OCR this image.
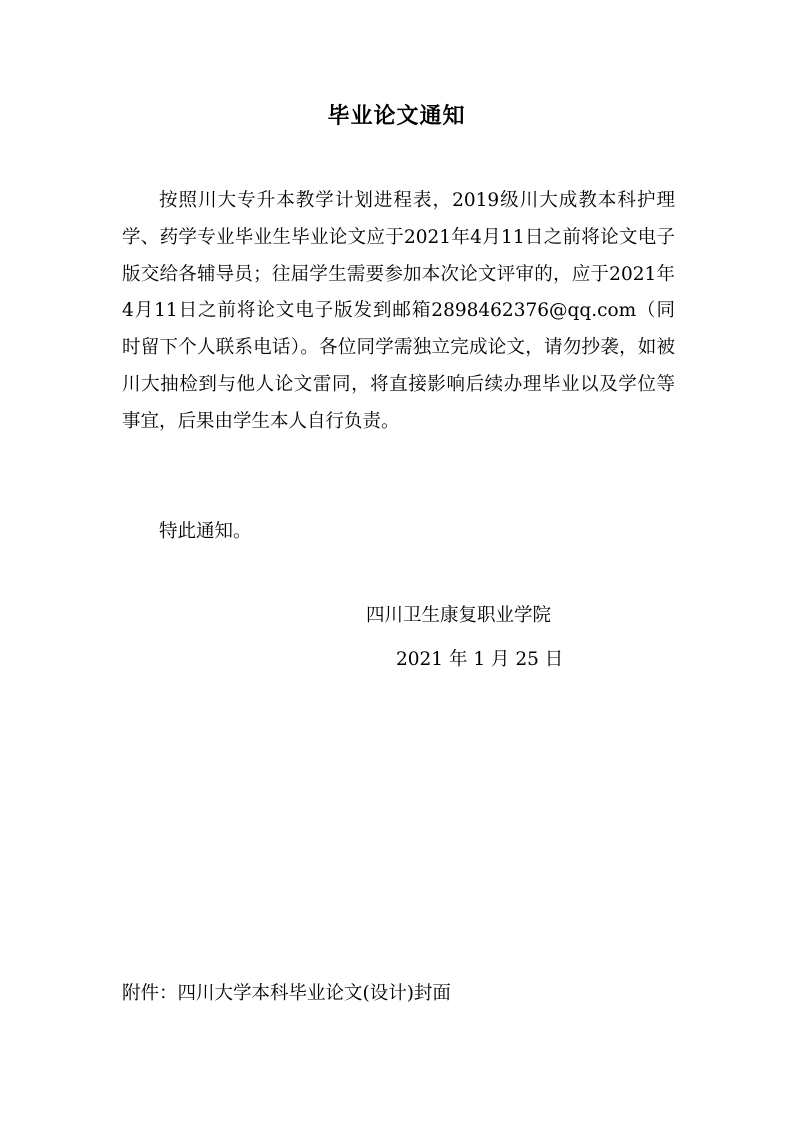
毕业论文通知

按照川大专升本教学计划进程表，2019级川大成教本科护理学、药学专业毕业生毕业论文应于2021年4月11日之前将论文电子版交给各辅导员；往届学生需要参加本次论文评审的，应于2021年4月11日之前将论文电子版发到邮箱2898462376@qq.com（同时留下个人联系电话）。各位同学需独立完成论文，请勿抄袭，如被川大抽检到与他人论文雷同，将直接影响后续办理毕业以及学位等事宜，后果由学生本人自行负责。

特此通知。

四川卫生康复职业学院
2021 年 1 月 25 日
附件：四川大学本科毕业论文(设计)封面
